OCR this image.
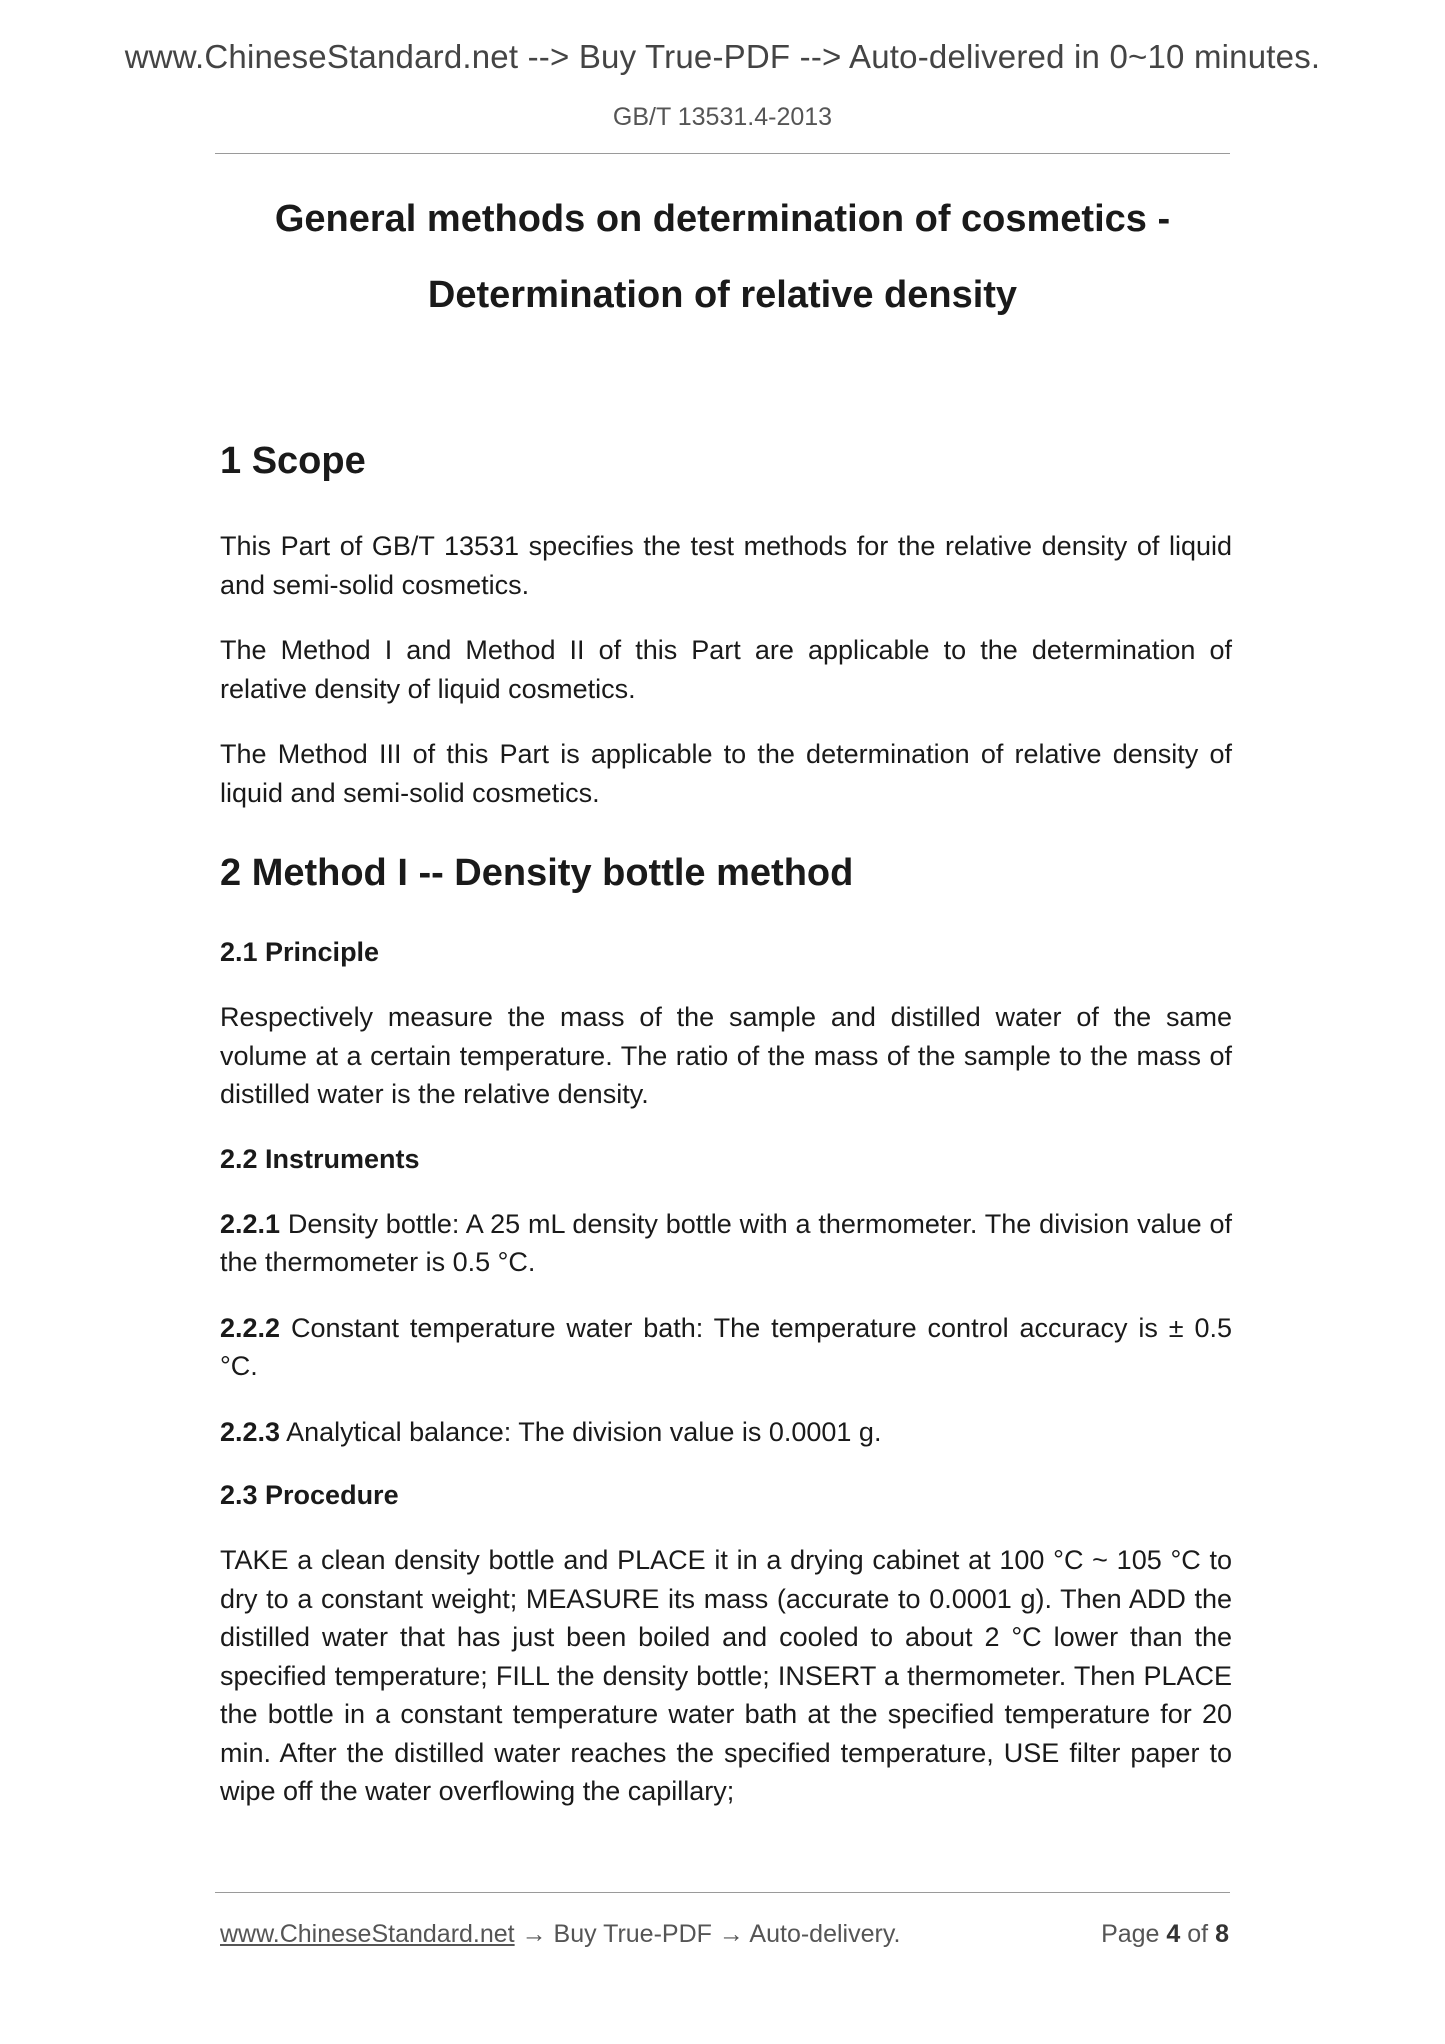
www.ChineseStandard.net --> Buy True-PDF --> Auto-delivered in 0~10 minutes.
GB/T 13531.4-2013
General methods on determination of cosmetics -
Determination of relative density
1 Scope
This Part of GB/T 13531 specifies the test methods for the relative density of liquid and semi-solid cosmetics.
The Method I and Method II of this Part are applicable to the determination of relative density of liquid cosmetics.
The Method III of this Part is applicable to the determination of relative density of liquid and semi-solid cosmetics.
2 Method I -- Density bottle method
2.1 Principle
Respectively measure the mass of the sample and distilled water of the same volume at a certain temperature. The ratio of the mass of the sample to the mass of distilled water is the relative density.
2.2 Instruments
2.2.1 Density bottle: A 25 mL density bottle with a thermometer. The division value of the thermometer is 0.5 °C.
2.2.2 Constant temperature water bath: The temperature control accuracy is ± 0.5 °C.
2.2.3 Analytical balance: The division value is 0.0001 g.
2.3 Procedure
TAKE a clean density bottle and PLACE it in a drying cabinet at 100 °C ~ 105 °C to dry to a constant weight; MEASURE its mass (accurate to 0.0001 g). Then ADD the distilled water that has just been boiled and cooled to about 2 °C lower than the specified temperature; FILL the density bottle; INSERT a thermometer. Then PLACE the bottle in a constant temperature water bath at the specified temperature for 20 min. After the distilled water reaches the specified temperature, USE filter paper to wipe off the water overflowing the capillary;
www.ChineseStandard.net → Buy True-PDF → Auto-delivery.	Page 4 of 8
